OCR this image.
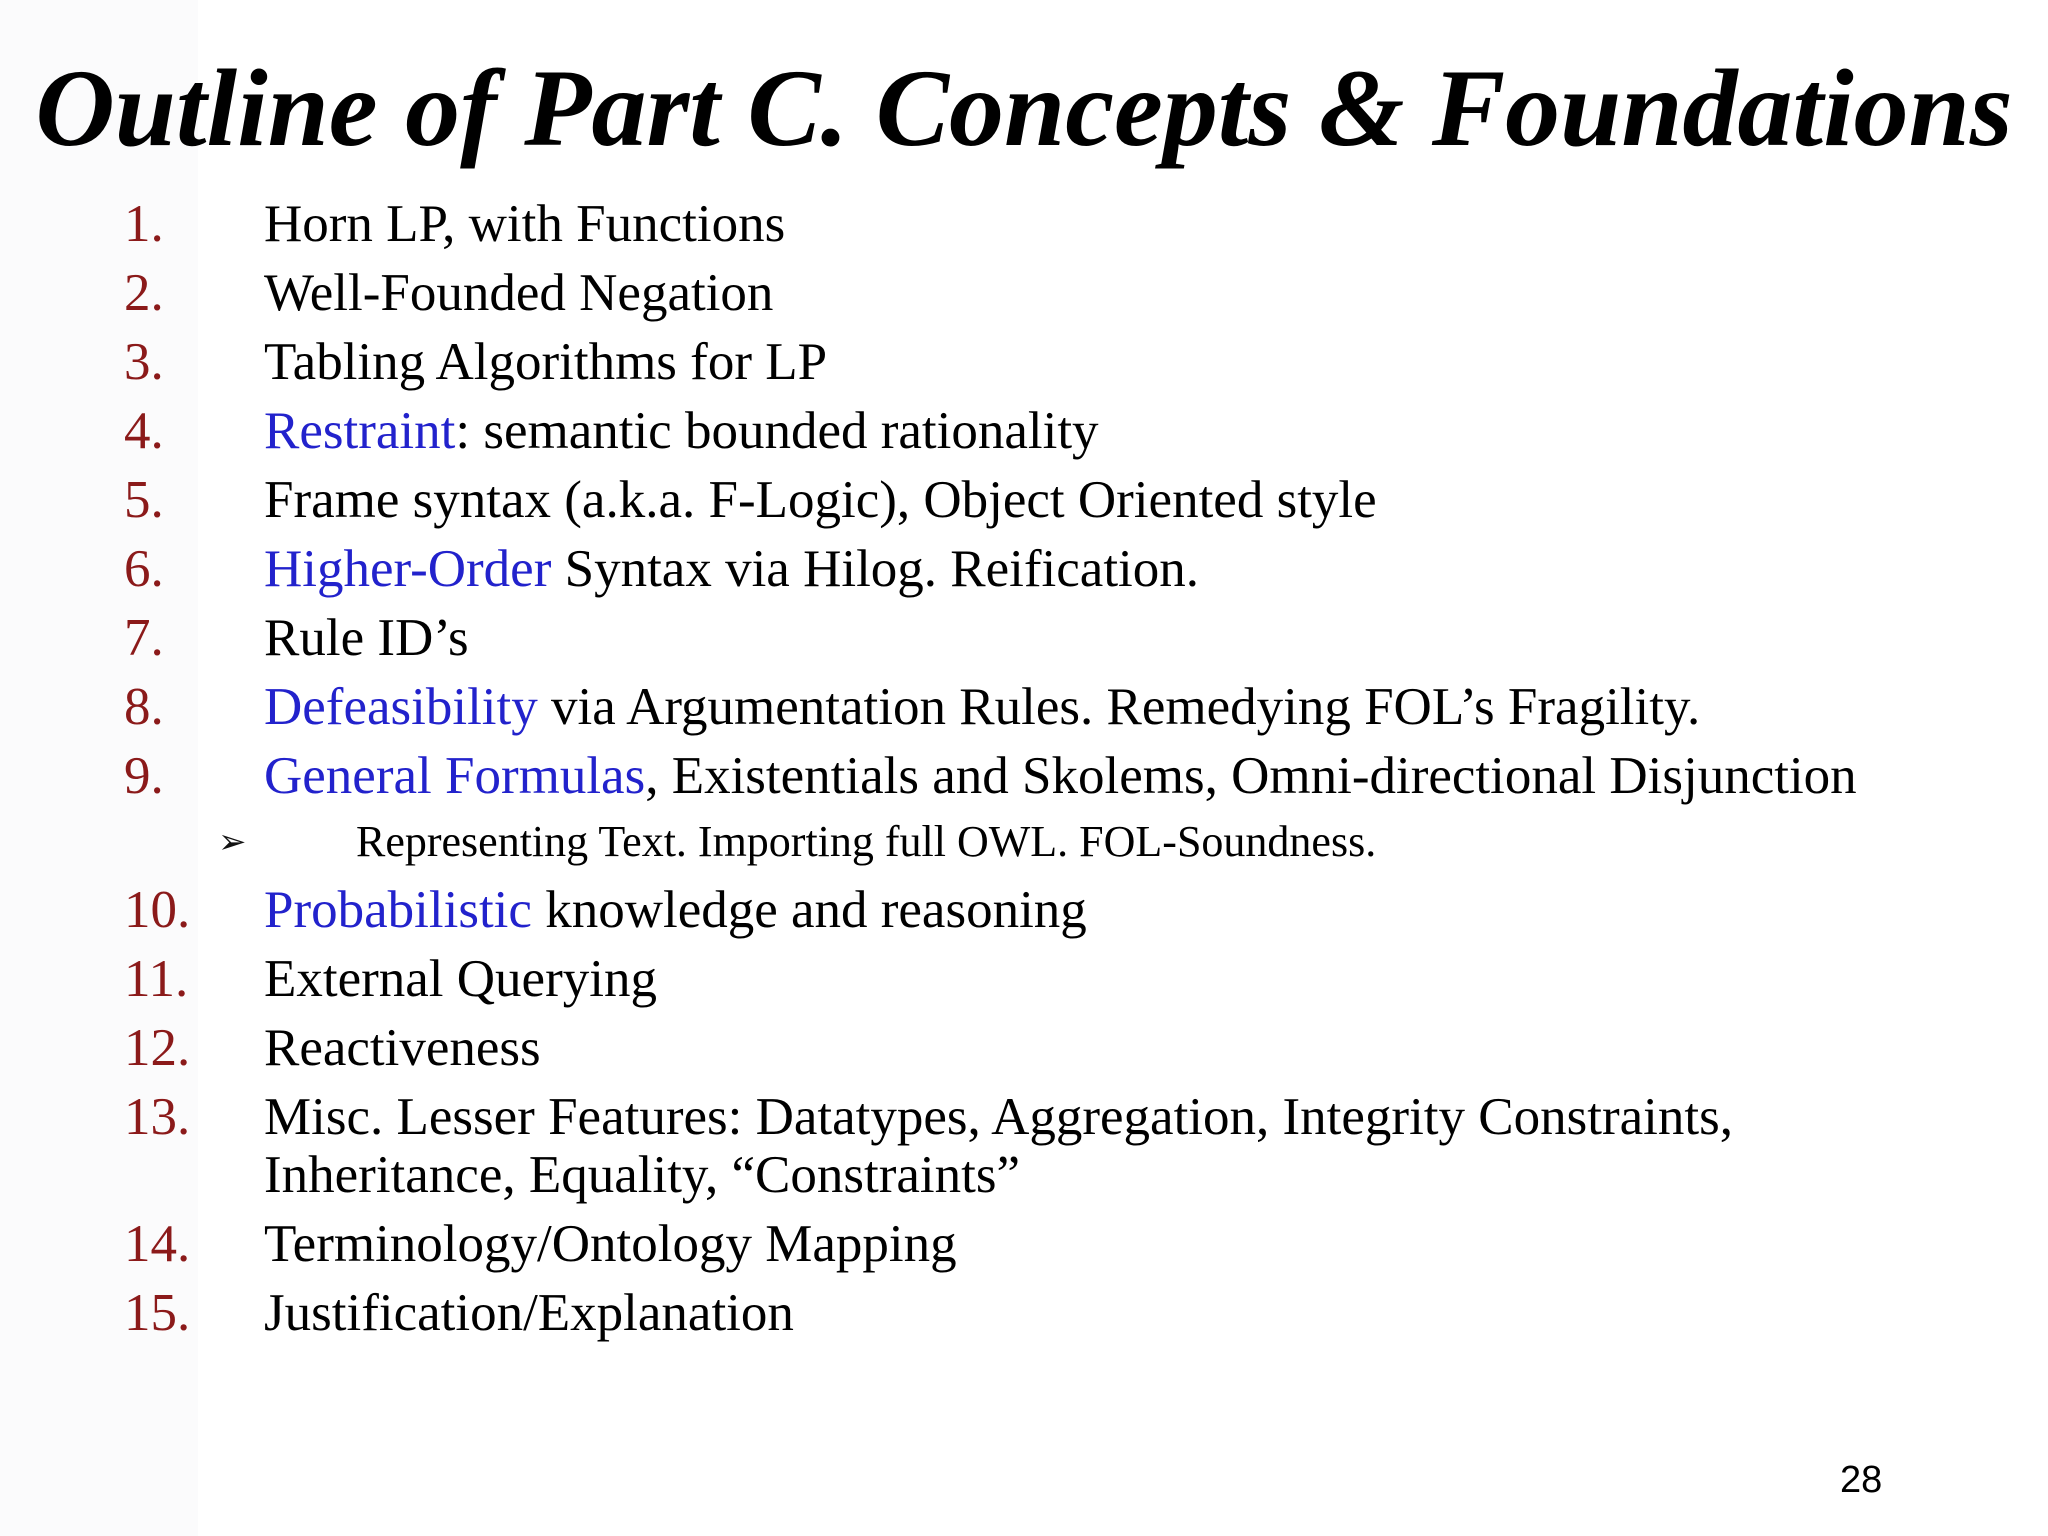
Outline of Part C. Concepts & Foundations
1. Horn LP, with Functions
2. Well-Founded Negation
3. Tabling Algorithms for LP
4. Restraint: semantic bounded rationality
5. Frame syntax (a.k.a. F-Logic), Object Oriented style
6. Higher-Order Syntax via Hilog. Reification.
7. Rule ID’s
8. Defeasibility via Argumentation Rules. Remedying FOL’s Fragility.
9. General Formulas, Existentials and Skolems, Omni-directional Disjunction
➢ Representing Text. Importing full OWL. FOL-Soundness.
10. Probabilistic knowledge and reasoning
11. External Querying
12. Reactiveness
13. Misc. Lesser Features: Datatypes, Aggregation, Integrity Constraints,
Inheritance, Equality, “Constraints”
14. Terminology/Ontology Mapping
15. Justification/Explanation
28
